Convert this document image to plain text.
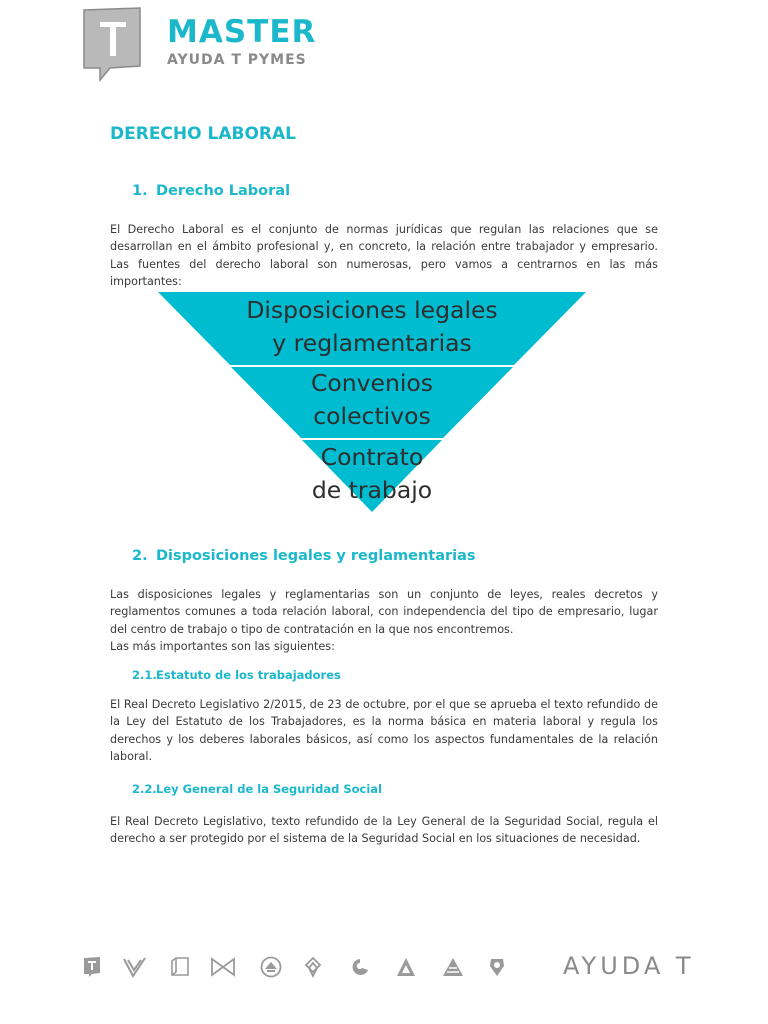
MASTER
AYUDA T PYMES
DERECHO LABORAL
1. Derecho Laboral

El Derecho Laboral es el conjunto de normas jurídicas que regulan las relaciones que se desarrollan en el ámbito profesional y, en concreto, la relación entre trabajador y empresario. Las fuentes del derecho laboral son numerosas, pero vamos a centrarnos en las más importantes:

Disposiciones legales
y reglamentarias
Convenios
colectivos
Contrato
de trabajo
2. Disposiciones legales y reglamentarias

Las disposiciones legales y reglamentarias son un conjunto de leyes, reales decretos y reglamentos comunes a toda relación laboral, con independencia del tipo de empresario, lugar del centro de trabajo o tipo de contratación en la que nos encontremos.

Las más importantes son las siguientes:

2.1.Estatuto de los trabajadores

El Real Decreto Legislativo 2/2015, de 23 de octubre, por el que se aprueba el texto refundido de la Ley del Estatuto de los Trabajadores, es la norma básica en materia laboral y regula los derechos y los deberes laborales básicos, así como los aspectos fundamentales de la relación laboral.

2.2.Ley General de la Seguridad Social

El Real Decreto Legislativo, texto refundido de la Ley General de la Seguridad Social, regula el derecho a ser protegido por el sistema de la Seguridad Social en los situaciones de necesidad.

AYUDA T
